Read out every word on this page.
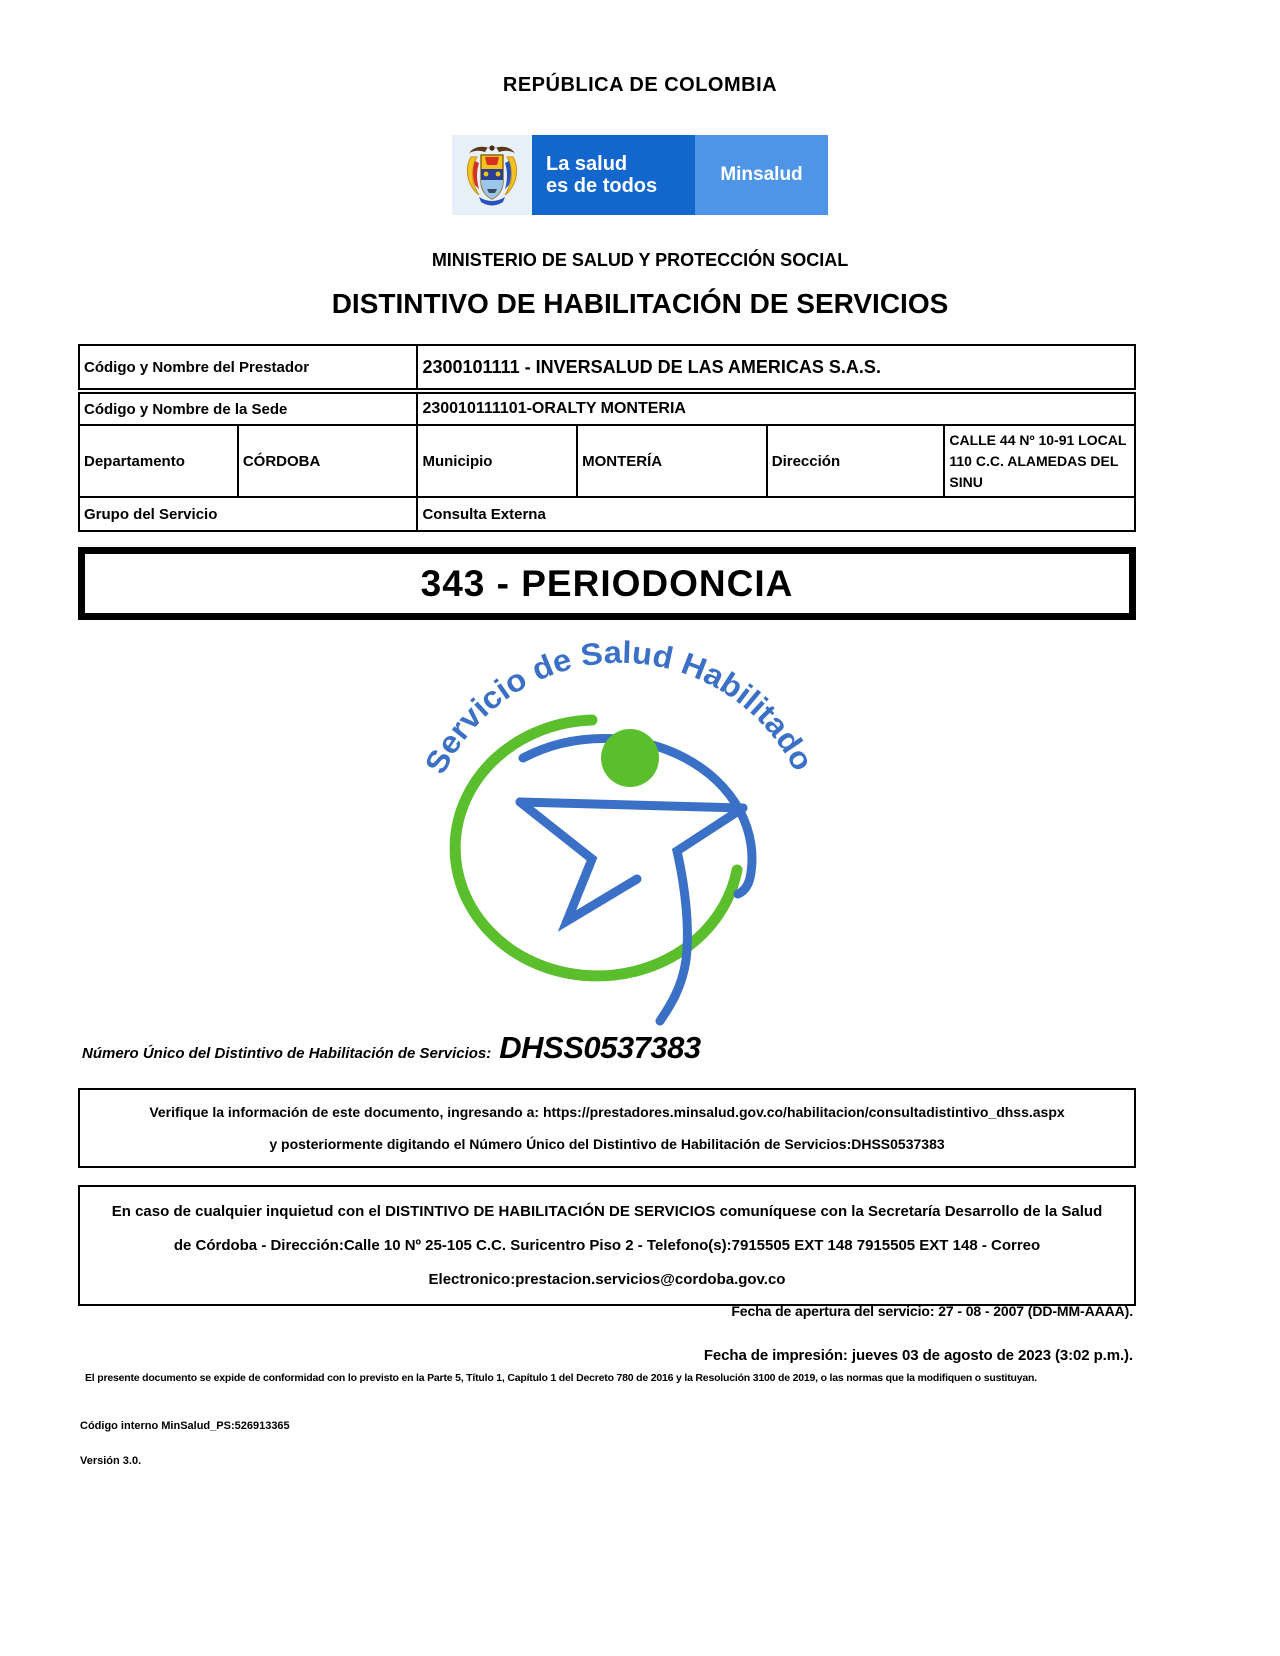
REPÚBLICA DE COLOMBIA
La salud
es de todos
Minsalud
MINISTERIO DE SALUD Y PROTECCIÓN SOCIAL
DISTINTIVO DE HABILITACIÓN DE SERVICIOS
Código y Nombre del Prestador		2300101111 - INVERSALUD DE LAS AMERICAS S.A.S.			
Código y Nombre de la Sede		230010111101-ORALTY MONTERIA			
Departamento	CÓRDOBA	Municipio	MONTERÍA	Dirección	CALLE 44 Nº 10-91 LOCAL 110 C.C. ALAMEDAS DEL SINU
Grupo del Servicio		Consulta Externa			
343 - PERIODONCIA
Servicio de Salud Habilitado
Número Único del Distintivo de Habilitación de Servicios: DHSS0537383
Verifique la información de este documento, ingresando a: https://prestadores.minsalud.gov.co/habilitacion/consultadistintivo_dhss.aspx
y posteriormente digitando el Número Único del Distintivo de Habilitación de Servicios:DHSS0537383
En caso de cualquier inquietud con el DISTINTIVO DE HABILITACIÓN DE SERVICIOS comuníquese con la Secretaría Desarrollo de la Salud de Córdoba - Dirección:Calle 10 Nº 25-105 C.C. Suricentro Piso 2 - Telefono(s):7915505 EXT 148 7915505 EXT 148 - Correo Electronico:prestacion.servicios@cordoba.gov.co
Fecha de apertura del servicio: 27 - 08 - 2007 (DD-MM-AAAA).
Fecha de impresión: jueves 03 de agosto de 2023 (3:02 p.m.).
El presente documento se expide de conformidad con lo previsto en la Parte 5, Título 1, Capítulo 1 del Decreto 780 de 2016 y la Resolución 3100 de 2019, o las normas que la modifiquen o sustituyan.
Código interno MinSalud_PS:526913365
Versión 3.0.
